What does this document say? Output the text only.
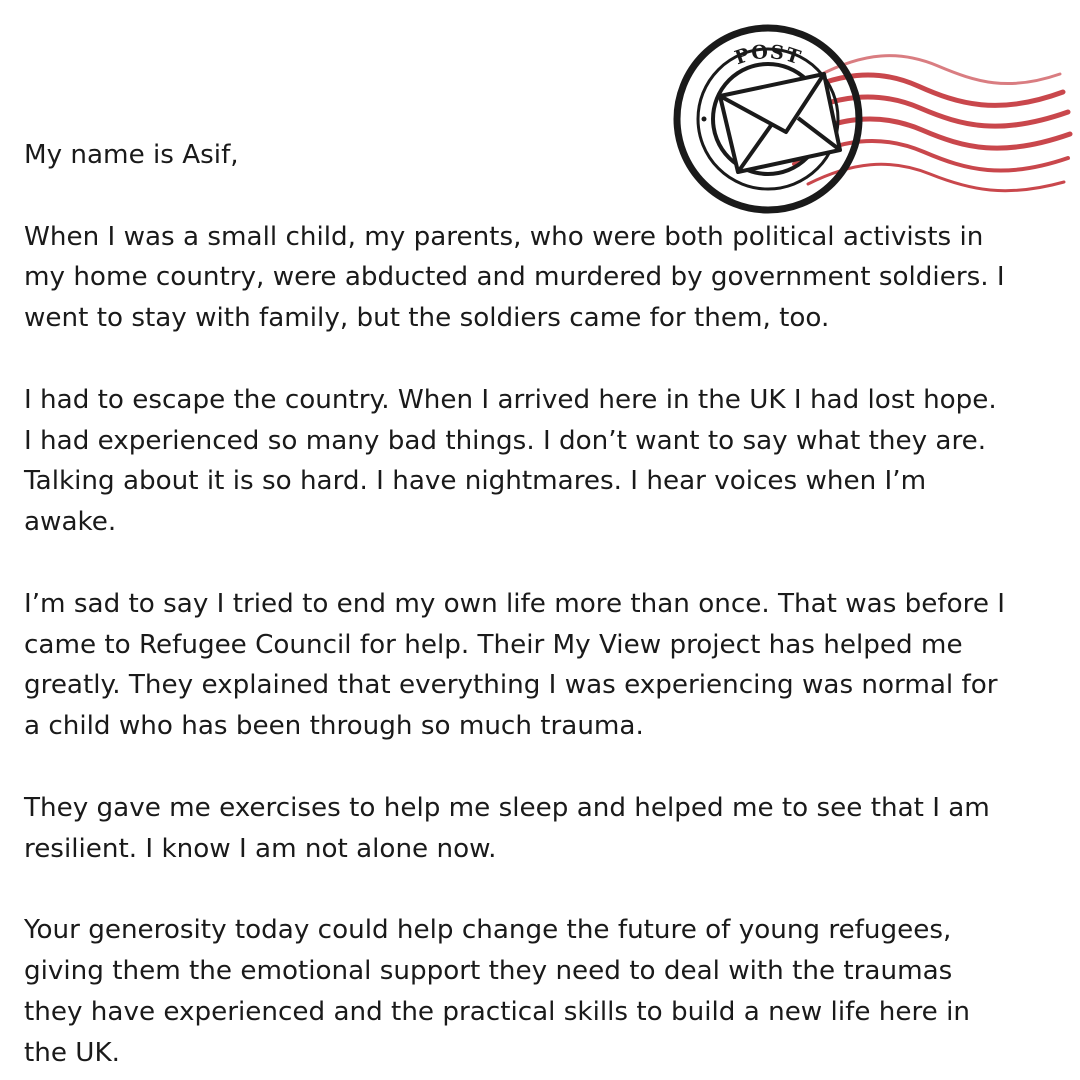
POST

My name is Asif,

When I was a small child, my parents, who were both political activists in
my home country, were abducted and murdered by government soldiers. I
went to stay with family, but the soldiers came for them, too.

I had to escape the country. When I arrived here in the UK I had lost hope.
I had experienced so many bad things. I don’t want to say what they are.
Talking about it is so hard. I have nightmares. I hear voices when I’m
awake.

I’m sad to say I tried to end my own life more than once. That was before I
came to Refugee Council for help. Their My View project has helped me
greatly. They explained that everything I was experiencing was normal for
a child who has been through so much trauma.

They gave me exercises to help me sleep and helped me to see that I am
resilient. I know I am not alone now.

Your generosity today could help change the future of young refugees,
giving them the emotional support they need to deal with the traumas
they have experienced and the practical skills to build a new life here in
the UK.
